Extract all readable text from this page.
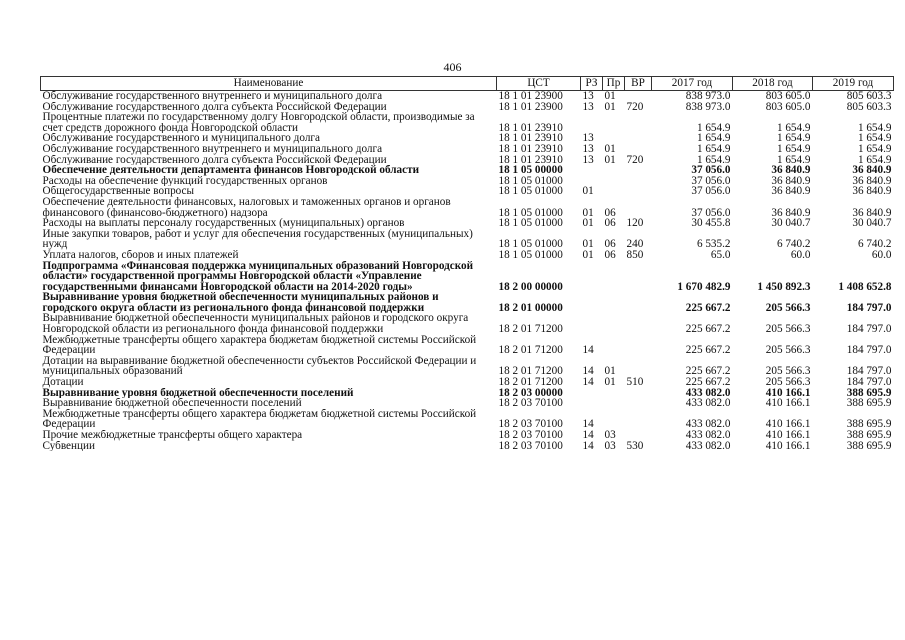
406
Наименование	ЦСТ	РЗ	Пр	ВР	2017 год	2018 год	2019 год
Обслуживание государственного внутреннего и муниципального долга	18 1 01 23900	13	01		838 973.0	803 605.0	805 603.3
Обслуживание государственного долга субъекта Российской Федерации	18 1 01 23900	13	01	720	838 973.0	803 605.0	805 603.3
Процентные платежи по государственному долгу Новгородской области, производимые за счет средств дорожного фонда Новгородской области	18 1 01 23910				1 654.9	1 654.9	1 654.9
Обслуживание государственного и муниципального долга	18 1 01 23910	13			1 654.9	1 654.9	1 654.9
Обслуживание государственного внутреннего и муниципального долга	18 1 01 23910	13	01		1 654.9	1 654.9	1 654.9
Обслуживание государственного долга субъекта Российской Федерации	18 1 01 23910	13	01	720	1 654.9	1 654.9	1 654.9
Обеспечение деятельности департамента финансов Новгородской области	18 1 05 00000				37 056.0	36 840.9	36 840.9
Расходы на обеспечение функций государственных органов	18 1 05 01000				37 056.0	36 840.9	36 840.9
Общегосударственные вопросы	18 1 05 01000	01			37 056.0	36 840.9	36 840.9
Обеспечение деятельности финансовых, налоговых и таможенных органов и органов финансового (финансово-бюджетного) надзора	18 1 05 01000	01	06		37 056.0	36 840.9	36 840.9
Расходы на выплаты персоналу государственных (муниципальных) органов	18 1 05 01000	01	06	120	30 455.8	30 040.7	30 040.7
Иные закупки товаров, работ и услуг для обеспечения государственных (муниципальных) нужд	18 1 05 01000	01	06	240	6 535.2	6 740.2	6 740.2
Уплата налогов, сборов и иных платежей	18 1 05 01000	01	06	850	65.0	60.0	60.0
Подпрограмма «Финансовая поддержка муниципальных образований Новгородской области» государственной программы Новгородской области «Управление государственными финансами Новгородской области на 2014-2020 годы»	18 2 00 00000				1 670 482.9	1 450 892.3	1 408 652.8
Выравнивание уровня бюджетной обеспеченности муниципальных районов и городского округа области из регионального фонда финансовой поддержки	18 2 01 00000				225 667.2	205 566.3	184 797.0
Выравнивание бюджетной обеспеченности муниципальных районов и городского округа Новгородской области из регионального фонда финансовой поддержки	18 2 01 71200				225 667.2	205 566.3	184 797.0
Межбюджетные трансферты общего характера бюджетам бюджетной системы Российской Федерации	18 2 01 71200	14			225 667.2	205 566.3	184 797.0
Дотации на выравнивание бюджетной обеспеченности субъектов Российской Федерации и муниципальных образований	18 2 01 71200	14	01		225 667.2	205 566.3	184 797.0
Дотации	18 2 01 71200	14	01	510	225 667.2	205 566.3	184 797.0
Выравнивание уровня бюджетной обеспеченности поселений	18 2 03 00000				433 082.0	410 166.1	388 695.9
Выравнивание бюджетной обеспеченности поселений	18 2 03 70100				433 082.0	410 166.1	388 695.9
Межбюджетные трансферты общего характера бюджетам бюджетной системы Российской Федерации	18 2 03 70100	14			433 082.0	410 166.1	388 695.9
Прочие межбюджетные трансферты общего характера	18 2 03 70100	14	03		433 082.0	410 166.1	388 695.9
Субвенции	18 2 03 70100	14	03	530	433 082.0	410 166.1	388 695.9
